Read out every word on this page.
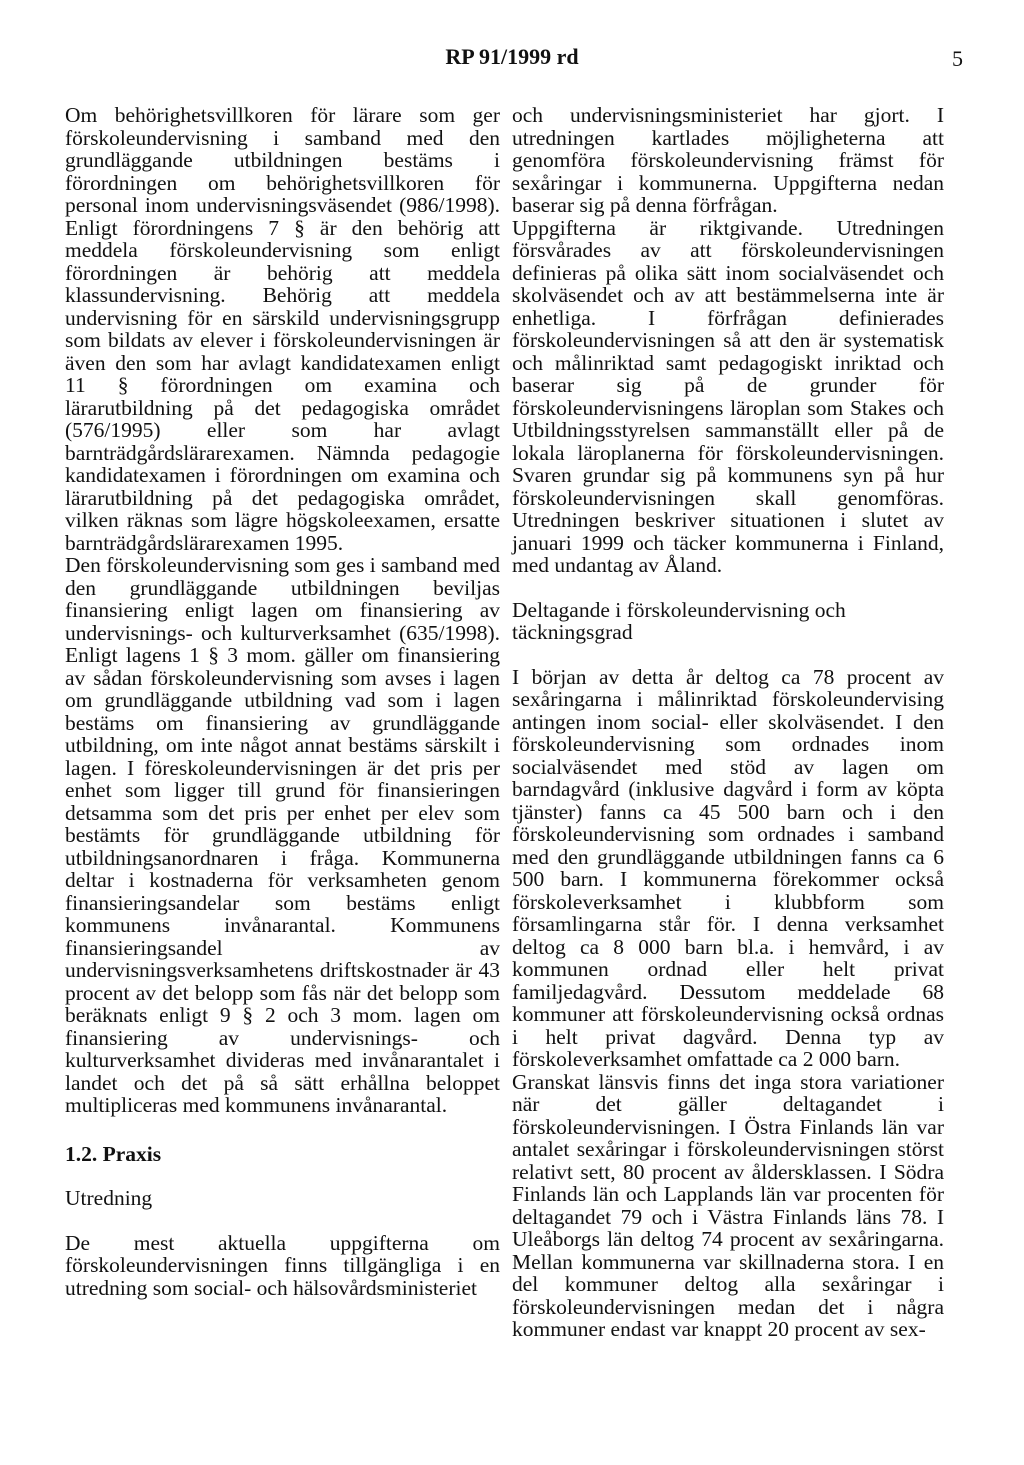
RP 91/1999 rd	5

Om behörighetsvillkoren för lärare som ger förskoleundervisning i samband med den grundläggande utbildningen bestäms i förordningen om behörighetsvillkoren för personal inom undervisningsväsendet (986/1998). Enligt förordningens 7 § är den behörig att meddela förskoleundervisning som enligt förordningen är behörig att meddela klassundervisning. Behörig att meddela undervisning för en särskild undervisningsgrupp som bildats av elever i förskoleundervisningen är även den som har avlagt kandidatexamen enligt 11 § förordningen om examina och lärarutbildning på det pedagogiska området (576/1995) eller som har avlagt barnträdgårdslärarexamen. Nämnda pedagogie kandidatexamen i förordningen om examina och lärarutbildning på det pedagogiska området, vilken räknas som lägre högskoleexamen, ersatte barnträdgårdslärarexamen 1995.

Den förskoleundervisning som ges i samband med den grundläggande utbildningen beviljas finansiering enligt lagen om finansiering av undervisnings- och kulturverksamhet (635/1998). Enligt lagens 1 § 3 mom. gäller om finansiering av sådan förskoleundervisning som avses i lagen om grundläggande utbildning vad som i lagen bestäms om finansiering av grundläggande utbildning, om inte något annat bestäms särskilt i lagen. I föreskoleundervisningen är det pris per enhet som ligger till grund för finansieringen detsamma som det pris per enhet per elev som bestämts för grundläggande utbildning för utbildningsanordnaren i fråga. Kommunerna deltar i kostnaderna för verksamheten genom finansieringsandelar som bestäms enligt kommunens invånarantal. Kommunens finansieringsandel av undervisningsverksamhetens driftskostnader är 43 procent av det belopp som fås när det belopp som beräknats enligt 9 § 2 och 3 mom. lagen om finansiering av undervisnings- och kulturverksamhet divideras med invånarantalet i landet och det på så sätt erhållna beloppet multipliceras med kommunens invånarantal.

1.2. Praxis

Utredning

De mest aktuella uppgifterna om förskoleundervisningen finns tillgängliga i en utredning som social- och hälsovårdsministeriet

och undervisningsministeriet har gjort. I utredningen kartlades möjligheterna att genomföra förskoleundervisning främst för sexåringar i kommunerna. Uppgifterna nedan baserar sig på denna förfrågan.

Uppgifterna är riktgivande. Utredningen försvårades av att förskoleundervisningen definieras på olika sätt inom socialväsendet och skolväsendet och av att bestämmelserna inte är enhetliga. I förfrågan definierades förskoleundervisningen så att den är systematisk och målinriktad samt pedagogiskt inriktad och baserar sig på de grunder för förskoleundervisningens läroplan som Stakes och Utbildningsstyrelsen sammanställt eller på de lokala läroplanerna för förskoleundervisningen. Svaren grundar sig på kommunens syn på hur förskoleundervisningen skall genomföras. Utredningen beskriver situationen i slutet av januari 1999 och täcker kommunerna i Finland, med undantag av Åland.

Deltagande i förskoleundervisning och täckningsgrad

I början av detta år deltog ca 78 procent av sexåringarna i målinriktad förskoleundervising antingen inom social- eller skolväsendet. I den förskoleundervisning som ordnades inom socialväsendet med stöd av lagen om barndagvård (inklusive dagvård i form av köpta tjänster) fanns ca 45 500 barn och i den förskoleundervisning som ordnades i samband med den grundläggande utbildningen fanns ca 6 500 barn. I kommunerna förekommer också förskoleverksamhet i klubbform som församlingarna står för. I denna verksamhet deltog ca 8 000 barn bl.a. i hemvård, i av kommunen ordnad eller helt privat familjedagvård. Dessutom meddelade 68 kommuner att förskoleundervisning också ordnas i helt privat dagvård. Denna typ av förskoleverksamhet omfattade ca 2 000 barn.

Granskat länsvis finns det inga stora variationer när det gäller deltagandet i förskoleundervisningen. I Östra Finlands län var antalet sexåringar i förskoleundervisningen störst relativt sett, 80 procent av åldersklassen. I Södra Finlands län och Lapplands län var procenten för deltagandet 79 och i Västra Finlands läns 78. I Uleåborgs län deltog 74 procent av sexåringarna. Mellan kommunerna var skillnaderna stora. I en del kommuner deltog alla sexåringar i förskoleundervisningen medan det i några kommuner endast var knappt 20 procent av sex-
